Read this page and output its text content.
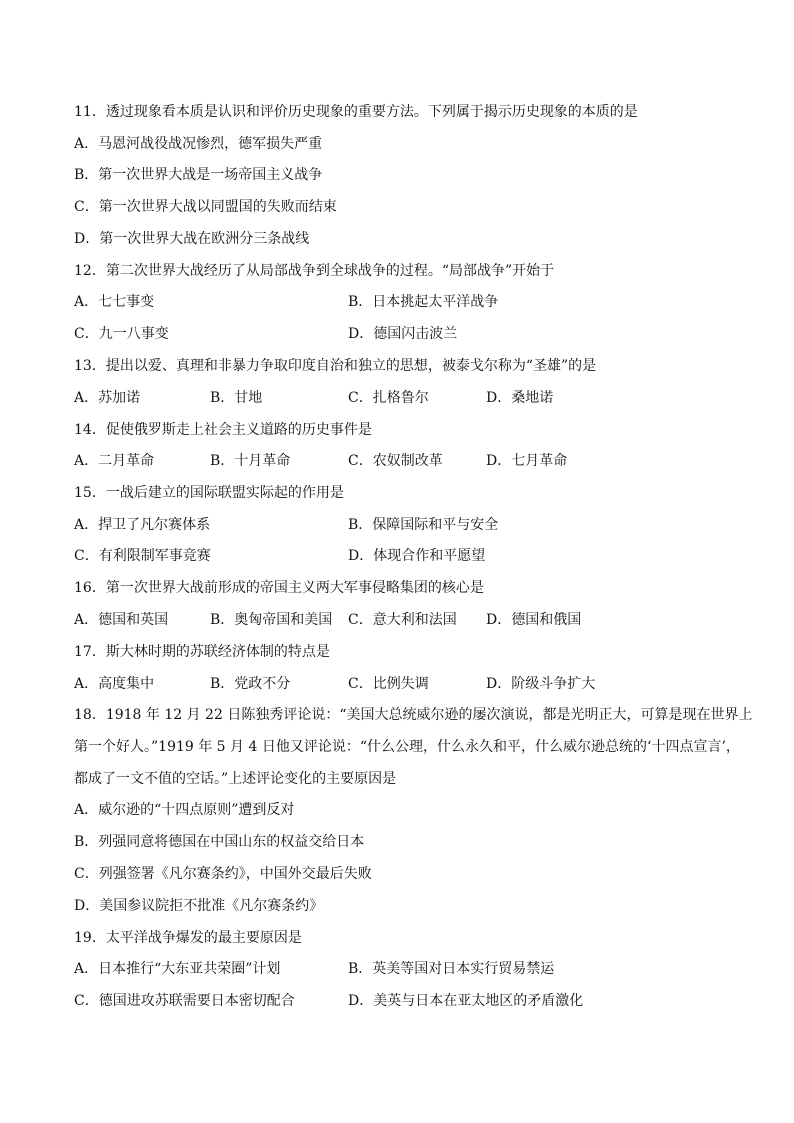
11．透过现象看本质是认识和评价历史现象的重要方法。下列属于揭示历史现象的本质的是
A．马恩河战役战况惨烈，德军损失严重
B．第一次世界大战是一场帝国主义战争
C．第一次世界大战以同盟国的失败而结束
D．第一次世界大战在欧洲分三条战线
12．第二次世界大战经历了从局部战争到全球战争的过程。“局部战争”开始于
A．七七事变	B．日本挑起太平洋战争
C．九一八事变	D．德国闪击波兰
13．提出以爱、真理和非暴力争取印度自治和独立的思想，被泰戈尔称为“圣雄”的是
A．苏加诺	B．甘地	C．扎格鲁尔	D．桑地诺
14．促使俄罗斯走上社会主义道路的历史事件是
A．二月革命	B．十月革命	C．农奴制改革	D．七月革命
15．一战后建立的国际联盟实际起的作用是
A．捍卫了凡尔赛体系	B．保障国际和平与安全
C．有利限制军事竞赛	D．体现合作和平愿望
16．第一次世界大战前形成的帝国主义两大军事侵略集团的核心是
A．德国和英国	B．奥匈帝国和美国 C．意大利和法国 D．德国和俄国
17．斯大林时期的苏联经济体制的特点是
A．高度集中	B．党政不分	C．比例失调	D．阶级斗争扩大
18．1918 年 12 月 22 日陈独秀评论说：“美国大总统威尔逊的屡次演说，都是光明正大，可算是现在世界上
第一个好人。”1919 年 5 月 4 日他又评论说：“什么公理，什么永久和平，什么威尔逊总统的‘十四点宣言’，
都成了一文不值的空话。”上述评论变化的主要原因是
A．威尔逊的“十四点原则”遭到反对
B．列强同意将德国在中国山东的权益交给日本
C．列强签署《凡尔赛条约》，中国外交最后失败
D．美国参议院拒不批准《凡尔赛条约》
19．太平洋战争爆发的最主要原因是
A．日本推行“大东亚共荣圈”计划	B．英美等国对日本实行贸易禁运
C．德国进攻苏联需要日本密切配合	D．美英与日本在亚太地区的矛盾激化
